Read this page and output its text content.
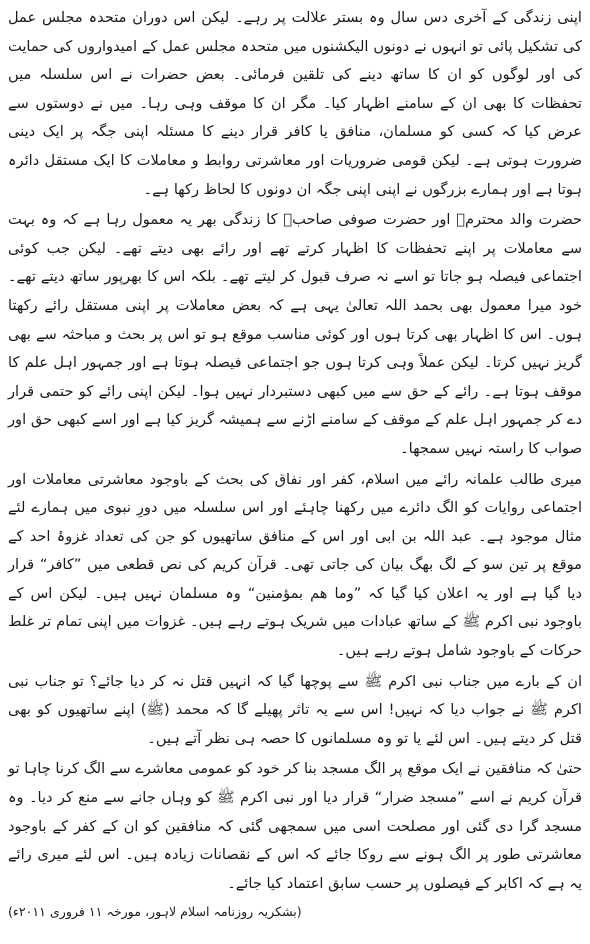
اپنی زندگی کے آخری دس سال وہ بستر علالت پر رہے۔ لیکن اس دوران متحدہ مجلس عمل کی تشکیل پائی تو انہوں نے دونوں الیکشنوں میں متحدہ مجلس عمل کے امیدواروں کی حمایت کی اور لوگوں کو ان کا ساتھ دینے کی تلقین فرمائی۔ بعض حضرات نے اس سلسلہ میں تحفظات کا بھی ان کے سامنے اظہار کیا۔ مگر ان کا موقف وہی رہا۔ میں نے دوستوں سے عرض کیا کہ کسی کو مسلمان، منافق یا کافر قرار دینے کا مسئلہ اپنی جگہ پر ایک دینی ضرورت ہوتی ہے۔ لیکن قومی ضروریات اور معاشرتی روابط و معاملات کا ایک مستقل دائرہ ہوتا ہے اور ہمارے بزرگوں نے اپنی اپنی جگہ ان دونوں کا لحاظ رکھا ہے۔

حضرت والد محترمؒ اور حضرت صوفی صاحبؒ کا زندگی بھر یہ معمول رہا ہے کہ وہ بہت سے معاملات پر اپنے تحفظات کا اظہار کرتے تھے اور رائے بھی دیتے تھے۔ لیکن جب کوئی اجتماعی فیصلہ ہو جاتا تو اسے نہ صرف قبول کر لیتے تھے۔ بلکہ اس کا بھرپور ساتھ دیتے تھے۔ خود میرا معمول بھی بحمد اللہ تعالیٰ یہی ہے کہ بعض معاملات پر اپنی مستقل رائے رکھتا ہوں۔ اس کا اظہار بھی کرتا ہوں اور کوئی مناسب موقع ہو تو اس پر بحث و مباحثہ سے بھی گریز نہیں کرتا۔ لیکن عملاً وہی کرتا ہوں جو اجتماعی فیصلہ ہوتا ہے اور جمہور اہل علم کا موقف ہوتا ہے۔ رائے کے حق سے میں کبھی دستبردار نہیں ہوا۔ لیکن اپنی رائے کو حتمی قرار دے کر جمہور اہل علم کے موقف کے سامنے اڑنے سے ہمیشہ گریز کیا ہے اور اسے کبھی حق اور صواب کا راستہ نہیں سمجھا۔

میری طالب علمانہ رائے میں اسلام، کفر اور نفاق کی بحث کے باوجود معاشرتی معاملات اور اجتماعی روایات کو الگ دائرے میں رکھنا چاہئے اور اس سلسلہ میں دورِ نبوی میں ہمارے لئے مثال موجود ہے۔ عبد اللہ بن ابی اور اس کے منافق ساتھیوں کو جن کی تعداد غزوۂ احد کے موقع پر تین سو کے لگ بھگ بیان کی جاتی تھی۔ قرآن کریم کی نص قطعی میں ”کافر“ قرار دیا گیا ہے اور یہ اعلان کیا گیا کہ ”وما ھم بمؤمنین“ وہ مسلمان نہیں ہیں۔ لیکن اس کے باوجود نبی اکرم ﷺ کے ساتھ عبادات میں شریک ہوتے رہے ہیں۔ غزوات میں اپنی تمام تر غلط حرکات کے باوجود شامل ہوتے رہے ہیں۔

ان کے بارے میں جناب نبی اکرم ﷺ سے پوچھا گیا کہ انہیں قتل نہ کر دیا جائے؟ تو جناب نبی اکرم ﷺ نے جواب دیا کہ نہیں! اس سے یہ تاثر پھیلے گا کہ محمد (ﷺ) اپنے ساتھیوں کو بھی قتل کر دیتے ہیں۔ اس لئے یا تو وہ مسلمانوں کا حصہ ہی نظر آتے ہیں۔

حتیٰ کہ منافقین نے ایک موقع پر الگ مسجد بنا کر خود کو عمومی معاشرے سے الگ کرنا چاہا تو قرآن کریم نے اسے ”مسجد ضرار“ قرار دیا اور نبی اکرم ﷺ کو وہاں جانے سے منع کر دیا۔ وہ مسجد گرا دی گئی اور مصلحت اسی میں سمجھی گئی کہ منافقین کو ان کے کفر کے باوجود معاشرتی طور پر الگ ہونے سے روکا جائے کہ اس کے نقصانات زیادہ ہیں۔ اس لئے میری رائے یہ ہے کہ اکابر کے فیصلوں پر حسب سابق اعتماد کیا جائے۔

(بشکریہ روزنامہ اسلام لاہور، مورخہ ۱۱ فروری ۲۰۱۱ء)
